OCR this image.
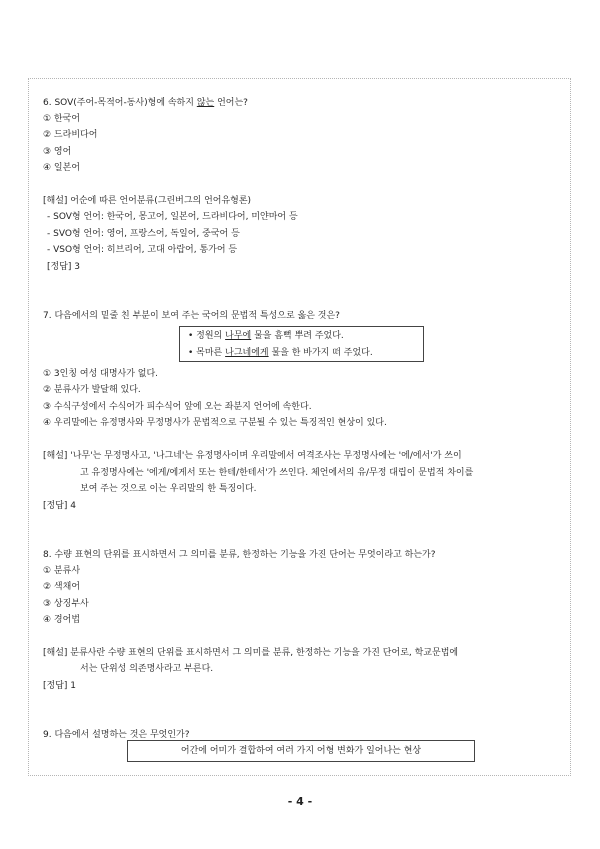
6. SOV(주어-목적어-동사)형에 속하지 않는 언어는?
① 한국어
② 드라비다어
③ 영어
④ 일본어
[해설] 어순에 따른 언어분류(그린버그의 언어유형론)
- SOV형 언어: 한국어, 몽고어, 일본어, 드라비다어, 미얀마어 등
- SVO형 언어: 영어, 프랑스어, 독일어, 중국어 등
- VSO형 언어: 히브리어, 고대 아랍어, 통가어 등
[정답] 3
7. 다음에서의 밑줄 친 부분이 보여 주는 국어의 문법적 특성으로 옳은 것은?
• 정원의 나무에 물을 흠뻑 뿌려 주었다.
• 목마른 나그네에게 물을 한 바가지 떠 주었다.
① 3인칭 여성 대명사가 없다.
② 분류사가 발달해 있다.
③ 수식구성에서 수식어가 피수식어 앞에 오는 좌분지 언어에 속한다.
④ 우리말에는 유정명사와 무정명사가 문법적으로 구분될 수 있는 특징적인 현상이 있다.
[해설] '나무'는 무정명사고, '나그네'는 유정명사이며 우리말에서 여격조사는 무정명사에는 '에/에서'가 쓰이
고 유정명사에는 '에게/에게서 또는 한테/한테서'가 쓰인다. 체언에서의 유/무정 대립이 문법적 차이를
보여 주는 것으로 이는 우리말의 한 특징이다.
[정답] 4
8. 수량 표현의 단위를 표시하면서 그 의미를 분류, 한정하는 기능을 가진 단어는 무엇이라고 하는가?
① 분류사
② 색채어
③ 상징부사
④ 경어법
[해설] 분류사란 수량 표현의 단위를 표시하면서 그 의미를 분류, 한정하는 기능을 가진 단어로, 학교문법에
서는 단위성 의존명사라고 부른다.
[정답] 1
9. 다음에서 설명하는 것은 무엇인가?
어간에 어미가 결합하여 여러 가지 어형 변화가 일어나는 현상
- 4 -
